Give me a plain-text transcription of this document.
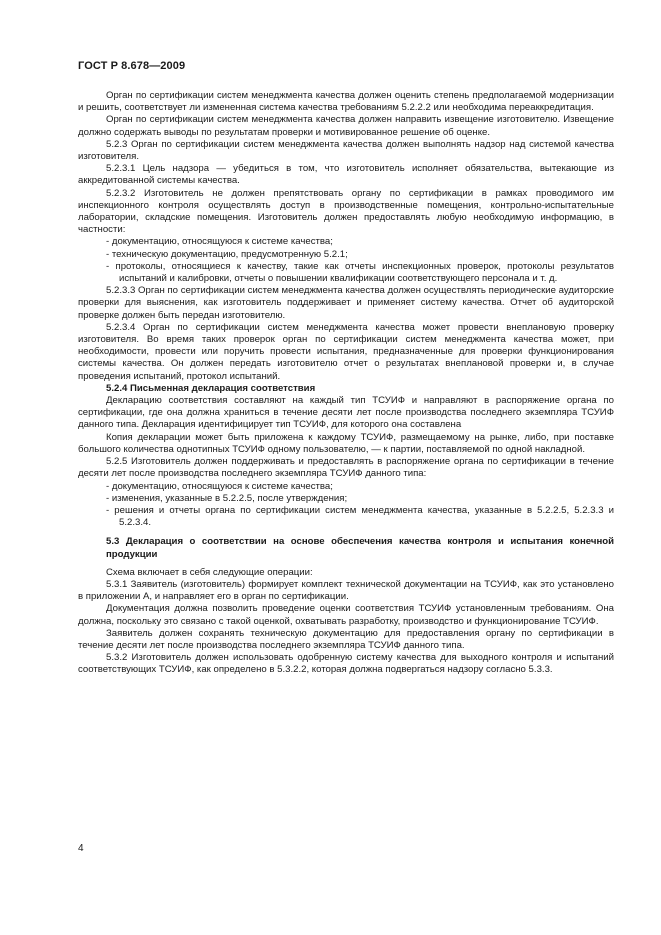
ГОСТ Р 8.678—2009

Орган по сертификации систем менеджмента качества должен оценить степень предполагаемой модернизации и решить, соответствует ли измененная система качества требованиям 5.2.2.2 или необходима переаккредитация.

Орган по сертификации систем менеджмента качества должен направить извещение изготовителю. Извещение должно содержать выводы по результатам проверки и мотивированное решение об оценке.

5.2.3 Орган по сертификации систем менеджмента качества должен выполнять надзор над системой качества изготовителя.

5.2.3.1 Цель надзора — убедиться в том, что изготовитель исполняет обязательства, вытекающие из аккредитованной системы качества.

5.2.3.2 Изготовитель не должен препятствовать органу по сертификации в рамках проводимого им инспекционного контроля осуществлять доступ в производственные помещения, контрольно-испытательные лаборатории, складские помещения. Изготовитель должен предоставлять любую необходимую информацию, в частности:

- документацию, относящуюся к системе качества;

- техническую документацию, предусмотренную 5.2.1;

- протоколы, относящиеся к качеству, такие как отчеты инспекционных проверок, протоколы результатов испытаний и калибровки, отчеты о повышении квалификации соответствующего персонала и т. д.

5.2.3.3 Орган по сертификации систем менеджмента качества должен осуществлять периодические аудиторские проверки для выяснения, как изготовитель поддерживает и применяет систему качества. Отчет об аудиторской проверке должен быть передан изготовителю.

5.2.3.4 Орган по сертификации систем менеджмента качества может провести внеплановую проверку изготовителя. Во время таких проверок орган по сертификации систем менеджмента качества может, при необходимости, провести или поручить провести испытания, предназначенные для проверки функционирования системы качества. Он должен передать изготовителю отчет о результатах внеплановой проверки и, в случае проведения испытаний, протокол испытаний.

5.2.4 Письменная декларация соответствия

Декларацию соответствия составляют на каждый тип ТСУИФ и направляют в распоряжение органа по сертификации, где она должна храниться в течение десяти лет после производства последнего экземпляра ТСУИФ данного типа. Декларация идентифицирует тип ТСУИФ, для которого она составлена

Копия декларации может быть приложена к каждому ТСУИФ, размещаемому на рынке, либо, при поставке большого количества однотипных ТСУИФ одному пользователю, — к партии, поставляемой по одной накладной.

5.2.5 Изготовитель должен поддерживать и предоставлять в распоряжение органа по сертификации в течение десяти лет после производства последнего экземпляра ТСУИФ данного типа:

- документацию, относящуюся к системе качества;

- изменения, указанные в 5.2.2.5, после утверждения;

- решения и отчеты органа по сертификации систем менеджмента качества, указанные в 5.2.2.5, 5.2.3.3 и 5.2.3.4.

5.3 Декларация о соответствии на основе обеспечения качества контроля и испытания конечной продукции

Схема включает в себя следующие операции:

5.3.1 Заявитель (изготовитель) формирует комплект технической документации на ТСУИФ, как это установлено в приложении А, и направляет его в орган по сертификации.

Документация должна позволить проведение оценки соответствия ТСУИФ установленным требованиям. Она должна, поскольку это связано с такой оценкой, охватывать разработку, производство и функционирование ТСУИФ.

Заявитель должен сохранять техническую документацию для предоставления органу по сертификации в течение десяти лет после производства последнего экземпляра ТСУИФ данного типа.

5.3.2 Изготовитель должен использовать одобренную систему качества для выходного контроля и испытаний соответствующих ТСУИФ, как определено в 5.3.2.2, которая должна подвергаться надзору согласно 5.3.3.

4
